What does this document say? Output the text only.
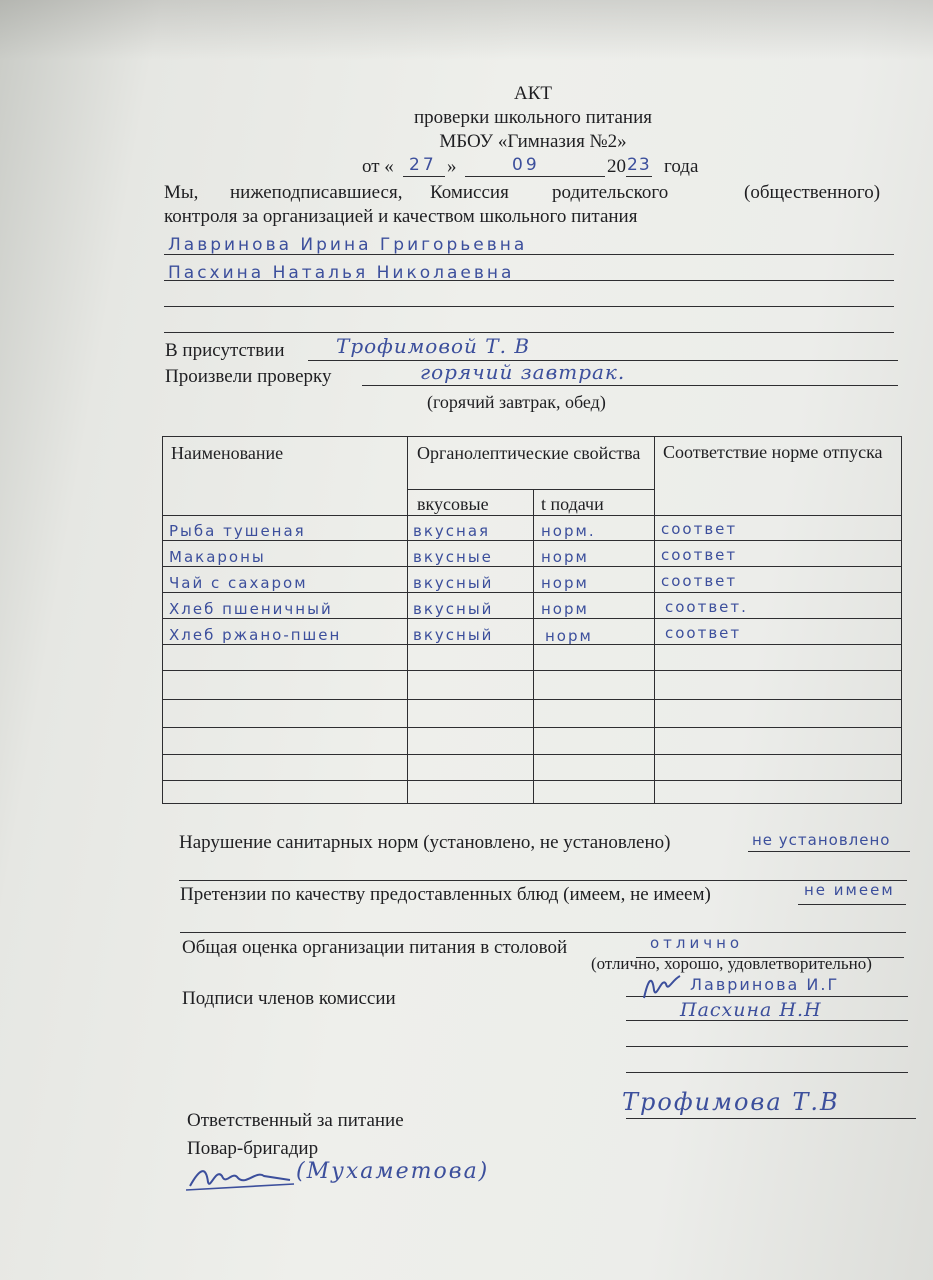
АКТ
проверки школьного питания
МБОУ «Гимназия №2»
от « 27 »	09	20 23 года
Мы, нижеподписавшиеся, Комиссия родительского	(общественного)
контроля за организацией и качеством школьного питания
Лавринова Ирина Григорьевна
Пасхина Наталья Николаевна
В присутствии	Трофимовой Т. В
Произвели проверку	горячий завтрак.
(горячий завтрак, обед)
Наименование	Органолептические свойства
вкусовые	t подачи
Соответствие норме отпуска
Рыба тушеная	вкусная	норм.	соответ
Макароны	вкусные	норм	соответ
Чай с сахаром	вкусный	норм	соответ
Хлеб пшеничный	вкусный	норм	соответ.
Хлеб ржано-пшен	вкусный	норм	соответ
Нарушение санитарных норм (установлено, не установлено)	не установлено
Претензии по качеству предоставленных блюд (имеем, не имеем)	не имеем
Общая оценка организации питания в столовой	отлично
(отлично, хорошо, удовлетворительно)
Подписи членов комиссии
Лавринова И.Г
Пасхина Н.Н
Ответственный за питание
Трофимова Т.В
Повар-бригадир
(Мухаметова)
